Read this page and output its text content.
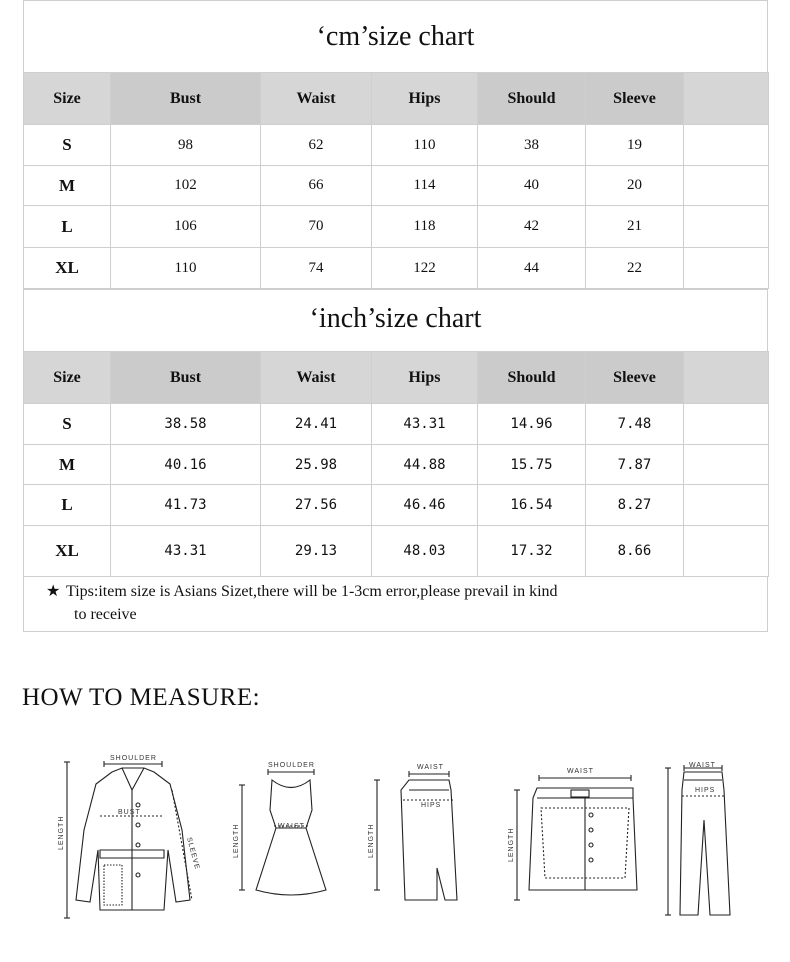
‘cm’size chart
Size	Bust	Waist	Hips	Should	Sleeve	
S	98	62	110	38	19	
M	102	66	114	40	20	
L	106	70	118	42	21	
XL	110	74	122	44	22	
‘inch’size chart
Size	Bust	Waist	Hips	Should	Sleeve	
S	38.58	24.41	43.31	14.96	7.48	
M	40.16	25.98	44.88	15.75	7.87	
L	41.73	27.56	46.46	16.54	8.27	
XL	43.31	29.13	48.03	17.32	8.66	
★ Tips:item size is Asians Sizet,there will be 1-3cm error,please prevail in kind
to receive
HOW TO MEASURE:
SHOULDER
BUST
LENGTH
SLEEVE
SHOULDER
WAIST
LENGTH
WAIST
HIPS
LENGTH
WAIST
LENGTH
WAIST
HIPS
